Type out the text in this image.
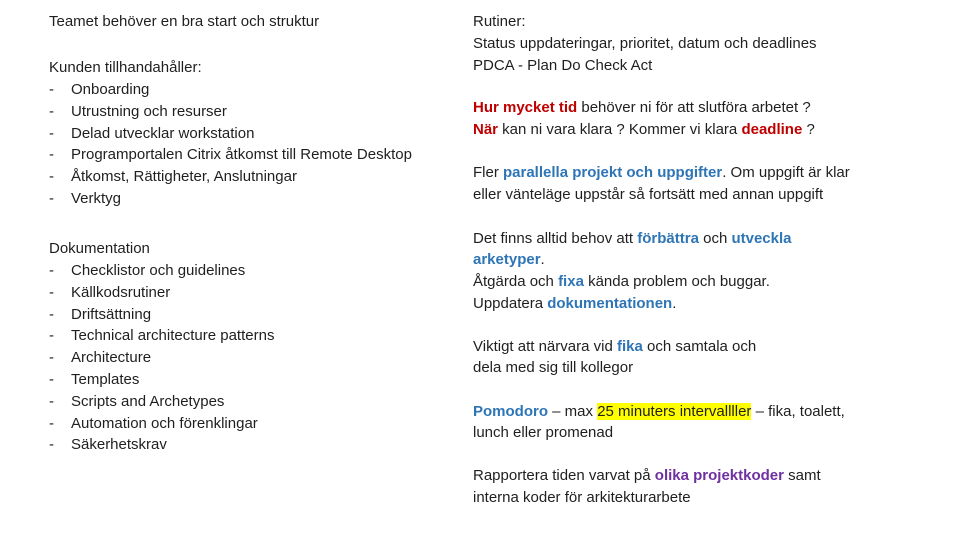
Teamet behöver en bra start och struktur
Kunden tillhandahåller:
- Onboarding
- Utrustning och resurser
- Delad utvecklar workstation
- Programportalen Citrix åtkomst till Remote Desktop
- Åtkomst, Rättigheter, Anslutningar
- Verktyg
Dokumentation
- Checklistor och guidelines
- Källkodsrutiner
- Driftsättning
- Technical architecture patterns
- Architecture
- Templates
- Scripts and Archetypes
- Automation och förenklingar
- Säkerhetskrav
Rutiner:
Status uppdateringar, prioritet, datum och deadlines
PDCA - Plan Do Check Act
Hur mycket tid behöver ni för att slutföra arbetet ?
När kan ni vara klara ? Kommer vi klara deadline ?
Fler parallella projekt och uppgifter. Om uppgift är klar
eller vänteläge uppstår så fortsätt med annan uppgift
Det finns alltid behov att förbättra och utveckla
arketyper.
Åtgärda och fixa kända problem och buggar.
Uppdatera dokumentationen.
Viktigt att närvara vid fika och samtala och
dela med sig till kollegor
Pomodoro – max 25 minuters intervallller – fika, toalett,
lunch eller promenad
Rapportera tiden varvat på olika projektkoder samt
interna koder för arkitekturarbete
